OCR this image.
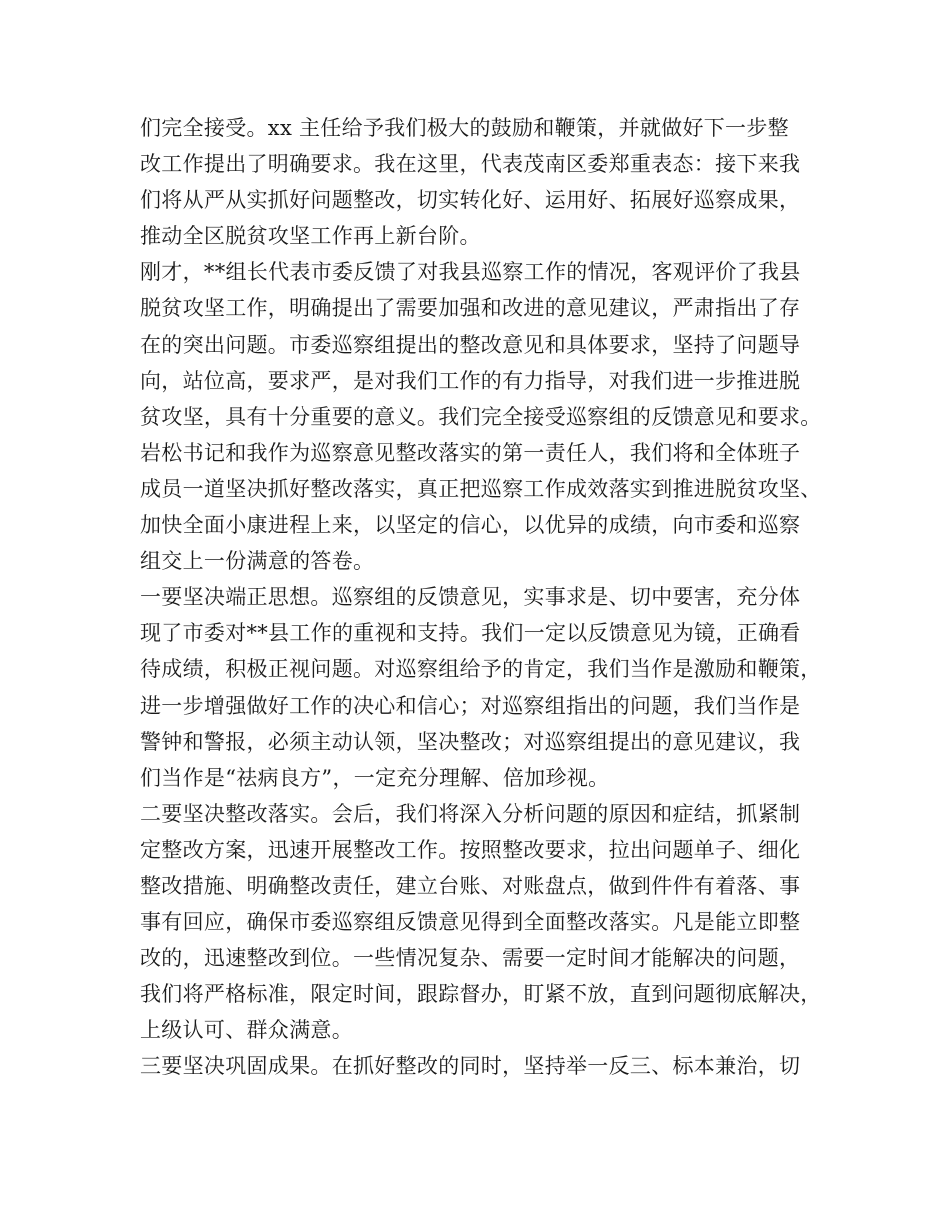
们完全接受。xx 主任给予我们极大的鼓励和鞭策，并就做好下一步整
改工作提出了明确要求。我在这里，代表茂南区委郑重表态：接下来我
们将从严从实抓好问题整改，切实转化好、运用好、拓展好巡察成果，
推动全区脱贫攻坚工作再上新台阶。
刚才，**组长代表市委反馈了对我县巡察工作的情况，客观评价了我县
脱贫攻坚工作，明确提出了需要加强和改进的意见建议，严肃指出了存
在的突出问题。市委巡察组提出的整改意见和具体要求，坚持了问题导
向，站位高，要求严，是对我们工作的有力指导，对我们进一步推进脱
贫攻坚，具有十分重要的意义。我们完全接受巡察组的反馈意见和要求。
岩松书记和我作为巡察意见整改落实的第一责任人，我们将和全体班子
成员一道坚决抓好整改落实，真正把巡察工作成效落实到推进脱贫攻坚、
加快全面小康进程上来，以坚定的信心，以优异的成绩，向市委和巡察
组交上一份满意的答卷。
一要坚决端正思想。巡察组的反馈意见，实事求是、切中要害，充分体
现了市委对**县工作的重视和支持。我们一定以反馈意见为镜，正确看
待成绩，积极正视问题。对巡察组给予的肯定，我们当作是激励和鞭策，
进一步增强做好工作的决心和信心；对巡察组指出的问题，我们当作是
警钟和警报，必须主动认领，坚决整改；对巡察组提出的意见建议，我
们当作是“祛病良方”，一定充分理解、倍加珍视。
二要坚决整改落实。会后，我们将深入分析问题的原因和症结，抓紧制
定整改方案，迅速开展整改工作。按照整改要求，拉出问题单子、细化
整改措施、明确整改责任，建立台账、对账盘点，做到件件有着落、事
事有回应，确保市委巡察组反馈意见得到全面整改落实。凡是能立即整
改的，迅速整改到位。一些情况复杂、需要一定时间才能解决的问题，
我们将严格标准，限定时间，跟踪督办，盯紧不放，直到问题彻底解决，
上级认可、群众满意。
三要坚决巩固成果。在抓好整改的同时，坚持举一反三、标本兼治，切
